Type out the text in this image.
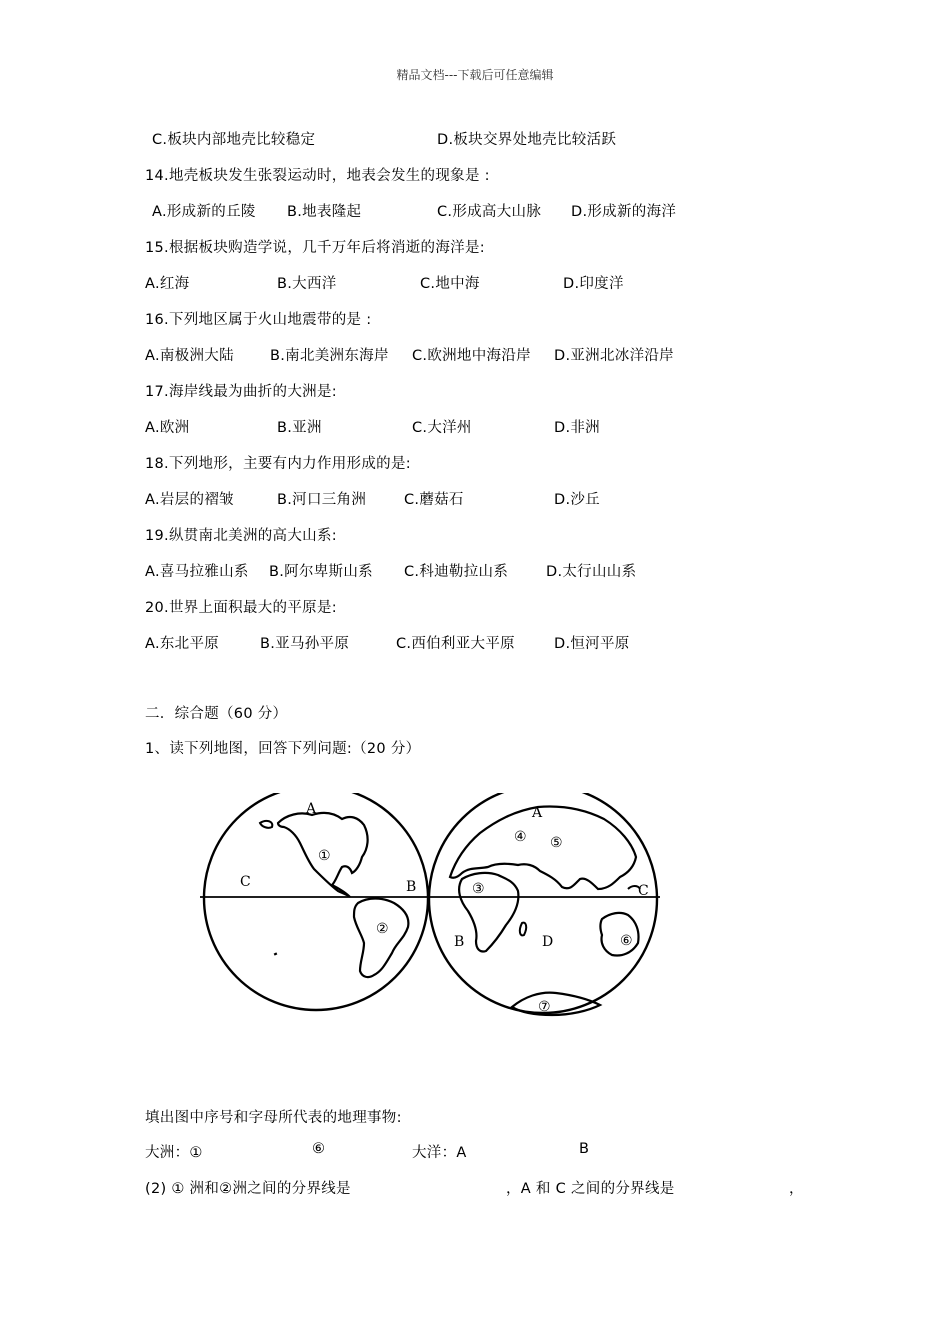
精品文档---下载后可任意编辑
C.板块内部地壳比较稳定	D.板块交界处地壳比较活跃
14.地壳板块发生张裂运动时，地表会发生的现象是 :
A.形成新的丘陵 B.地表隆起	C.形成高大山脉 D.形成新的海洋
15.根据板块购造学说，几千万年后将消逝的海洋是:
A.红海	B.大西洋	C.地中海	D.印度洋
16.下列地区属于火山地震带的是 :
A.南极洲大陆 B.南北美洲东海岸 C.欧洲地中海沿岸 D.亚洲北冰洋沿岸
17.海岸线最为曲折的大洲是:
A.欧洲	B.亚洲	C.大洋州	D.非洲
18.下列地形，主要有内力作用形成的是:
A.岩层的褶皱	B.河口三角洲	C.蘑菇石	D.沙丘
19.纵贯南北美洲的高大山系:
A.喜马拉雅山系 B.阿尔卑斯山系 C.科迪勒拉山系	D.太行山山系
20.世界上面积最大的平原是:
A.东北平原	B.亚马孙平原	C.西伯利亚大平原	D.恒河平原
二．综合题（60 分）
1、读下列地图，回答下列问题:（20 分）
A
B
C
①
②
A
B
C
D
③
④ ⑤
⑥
⑦
填出图中序号和字母所代表的地理事物:
大洲：①	⑥	大洋：A	B
(2) ① 洲和②洲之间的分界线是	，A 和 C 之间的分界线是	，
